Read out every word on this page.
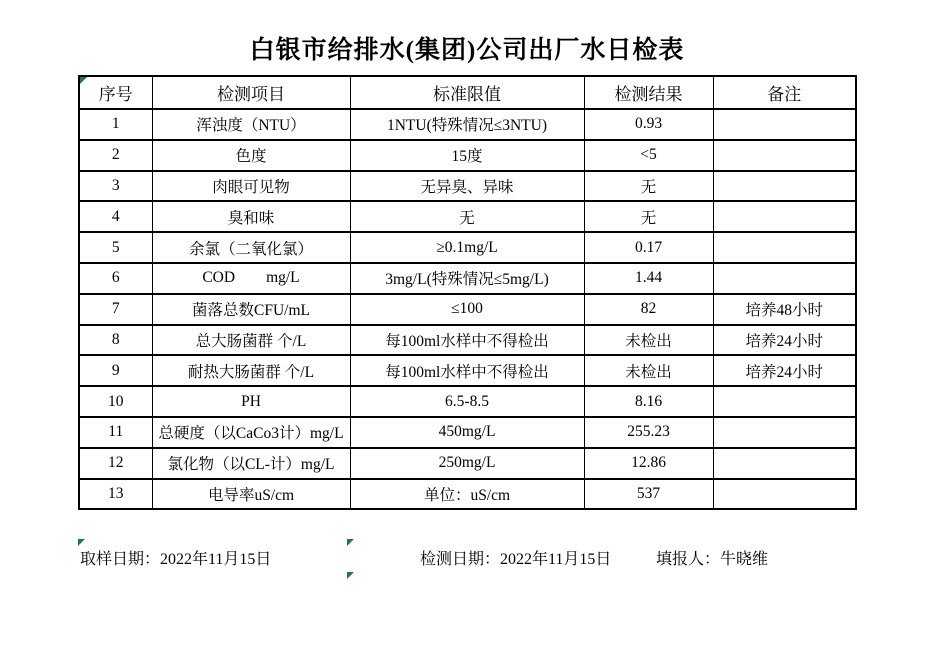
白银市给排水(集团)公司出厂水日检表
序号	检测项目	标准限值	检测结果	备注
1	浑浊度（NTU）	1NTU(特殊情况≤3NTU)	0.93	
2	色度	15度	<5	
3	肉眼可见物	无异臭、异味	无	
4	臭和味	无	无	
5	余氯（二氧化氯）	≥0.1mg/L	0.17	
6	COD        mg/L	3mg/L(特殊情况≤5mg/L)	1.44	
7	菌落总数CFU/mL	≤100	82	培养48小时
8	总大肠菌群 个/L	每100ml水样中不得检出	未检出	培养24小时
9	耐热大肠菌群 个/L	每100ml水样中不得检出	未检出	培养24小时
10	PH	6.5-8.5	8.16	
11	总硬度（以CaCo3计）mg/L	450mg/L	255.23	
12	氯化物（以CL-计）mg/L	250mg/L	12.86	
13	电导率uS/cm	单位：uS/cm	537	
取样日期：2022年11月15日	检测日期：2022年11月15日	填报人：牛晓维
